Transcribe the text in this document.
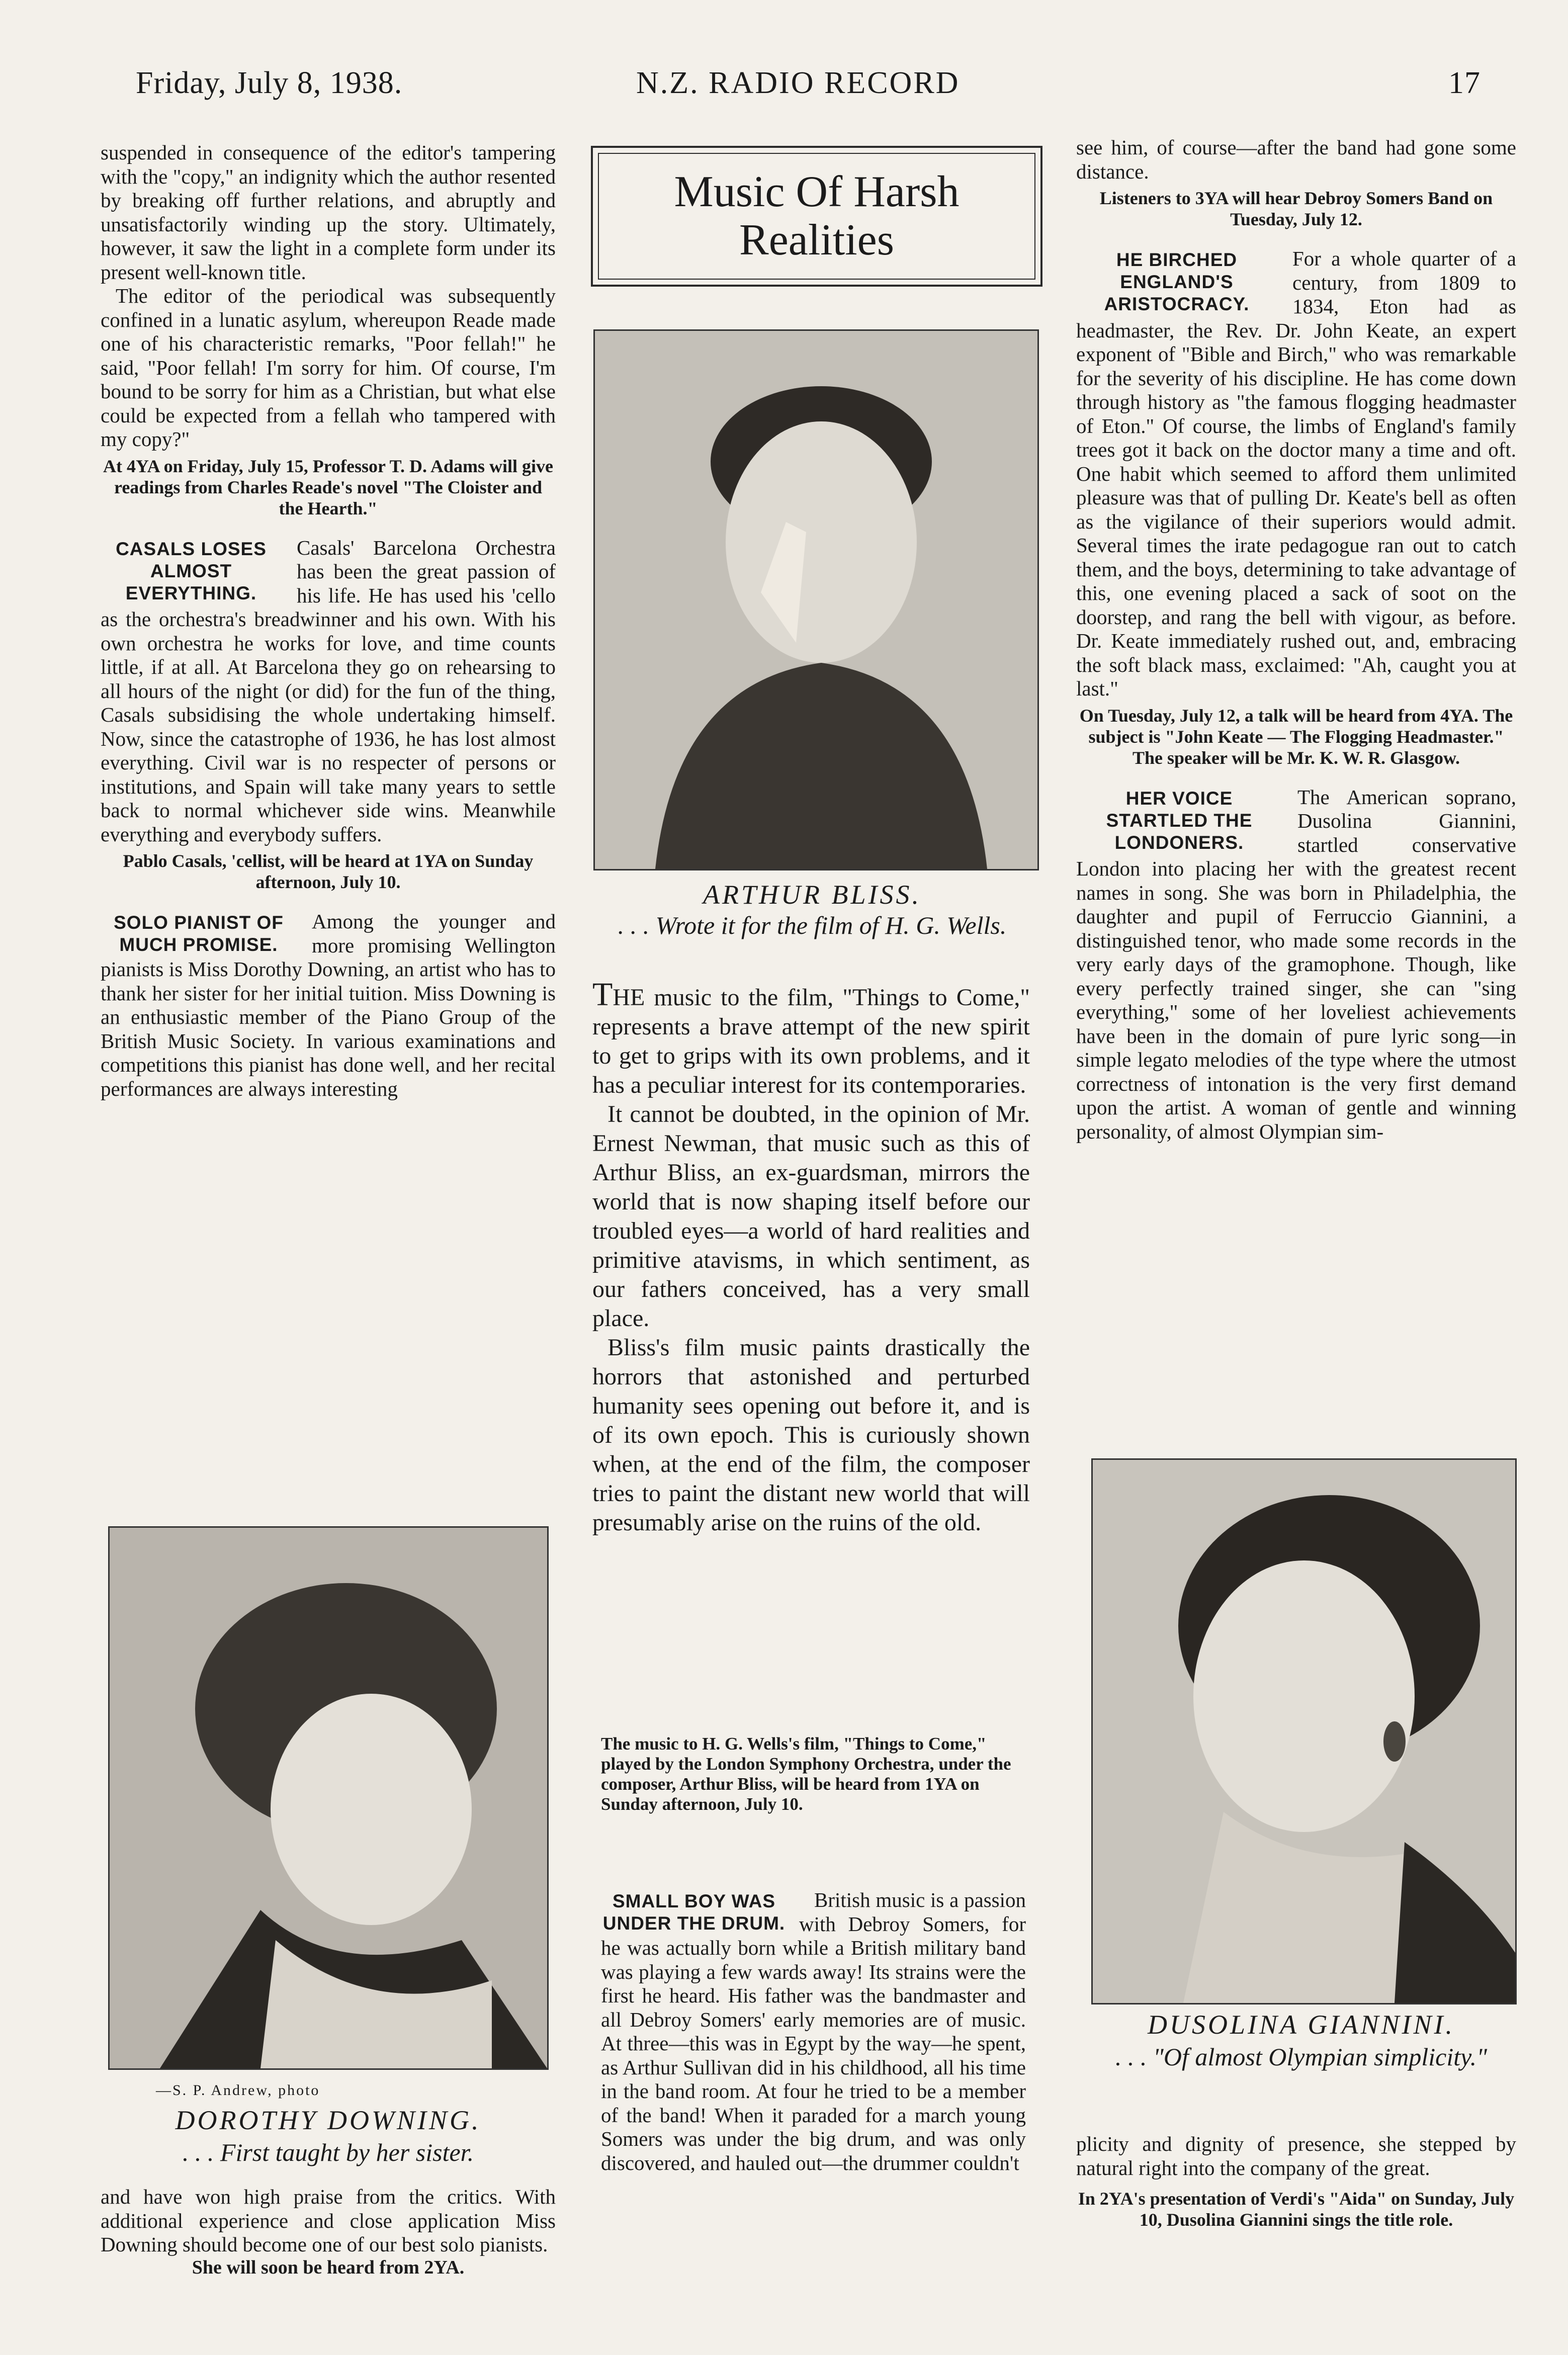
Friday, July 8, 1938.	N.Z. RADIO RECORD	17

suspended in consequence of the editor's tampering with the "copy," an indignity which the author resented by breaking off further relations, and abruptly and unsatisfactorily winding up the story. Ultimately, however, it saw the light in a complete form under its present well-known title.

The editor of the periodical was subsequently confined in a lunatic asylum, whereupon Reade made one of his characteristic remarks, "Poor fellah!" he said, "Poor fellah! I'm sorry for him. Of course, I'm bound to be sorry for him as a Christian, but what else could be expected from a fellah who tampered with my copy?"

At 4YA on Friday, July 15, Professor T. D. Adams will give readings from Charles Reade's novel "The Cloister and the Hearth."

CASALS LOSES ALMOST EVERYTHING.

Casals' Barcelona Orchestra has been the great passion of his life. He has used his 'cello as the orchestra's breadwinner and his own. With his own orchestra he works for love, and time counts little, if at all. At Barcelona they go on rehearsing to all hours of the night (or did) for the fun of the thing, Casals subsidising the whole undertaking himself. Now, since the catastrophe of 1936, he has lost almost everything. Civil war is no respecter of persons or institutions, and Spain will take many years to settle back to normal whichever side wins. Meanwhile everything and everybody suffers.

Pablo Casals, 'cellist, will be heard at 1YA on Sunday afternoon, July 10.

SOLO PIANIST OF MUCH PROMISE.

Among the younger and more promising Wellington pianists is Miss Dorothy Downing, an artist who has to thank her sister for her initial tuition. Miss Downing is an enthusiastic member of the Piano Group of the British Music Society. In various examinations and competitions this pianist has done well, and her recital performances are always interesting

—S. P. Andrew, photo
DOROTHY DOWNING.
. . . First taught by her sister.

and have won high praise from the critics. With additional experience and close application Miss Downing should become one of our best solo pianists.

She will soon be heard from 2YA.

Music Of Harsh Realities
ARTHUR BLISS.
. . . Wrote it for the film of H. G. Wells.

THE music to the film, "Things to Come," represents a brave attempt of the new spirit to get to grips with its own problems, and it has a peculiar interest for its contemporaries.

It cannot be doubted, in the opinion of Mr. Ernest Newman, that music such as this of Arthur Bliss, an ex-guardsman, mirrors the world that is now shaping itself before our troubled eyes—a world of hard realities and primitive atavisms, in which sentiment, as our fathers conceived, has a very small place.

Bliss's film music paints drastically the horrors that astonished and perturbed humanity sees opening out before it, and is of its own epoch. This is curiously shown when, at the end of the film, the composer tries to paint the distant new world that will presumably arise on the ruins of the old.

The music to H. G. Wells's film, "Things to Come," played by the London Symphony Orchestra, under the composer, Arthur Bliss, will be heard from 1YA on Sunday afternoon, July 10.

SMALL BOY WAS UNDER THE DRUM.

British music is a passion with Debroy Somers, for he was actually born while a British military band was playing a few wards away! Its strains were the first he heard. His father was the bandmaster and all Debroy Somers' early memories are of music. At three—this was in Egypt by the way—he spent, as Arthur Sullivan did in his childhood, all his time in the band room. At four he tried to be a member of the band! When it paraded for a march young Somers was under the big drum, and was only discovered, and hauled out—the drummer couldn't

see him, of course—after the band had gone some distance.

Listeners to 3YA will hear Debroy Somers Band on Tuesday, July 12.

HE BIRCHED ENGLAND'S ARISTOCRACY.

For a whole quarter of a century, from 1809 to 1834, Eton had as headmaster, the Rev. Dr. John Keate, an expert exponent of "Bible and Birch," who was remarkable for the severity of his discipline. He has come down through history as "the famous flogging headmaster of Eton." Of course, the limbs of England's family trees got it back on the doctor many a time and oft. One habit which seemed to afford them unlimited pleasure was that of pulling Dr. Keate's bell as often as the vigilance of their superiors would admit. Several times the irate pedagogue ran out to catch them, and the boys, determining to take advantage of this, one evening placed a sack of soot on the doorstep, and rang the bell with vigour, as before. Dr. Keate immediately rushed out, and, embracing the soft black mass, exclaimed: "Ah, caught you at last."

On Tuesday, July 12, a talk will be heard from 4YA. The subject is "John Keate — The Flogging Headmaster." The speaker will be Mr. K. W. R. Glasgow.

HER VOICE STARTLED THE LONDONERS.

The American soprano, Dusolina Giannini, startled conservative London into placing her with the greatest recent names in song. She was born in Philadelphia, the daughter and pupil of Ferruccio Giannini, a distinguished tenor, who made some records in the very early days of the gramophone. Though, like every perfectly trained singer, she can "sing everything," some of her loveliest achievements have been in the domain of pure lyric song—in simple legato melodies of the type where the utmost correctness of intonation is the very first demand upon the artist. A woman of gentle and winning personality, of almost Olympian sim-

DUSOLINA GIANNINI.
. . . "Of almost Olympian simplicity."

plicity and dignity of presence, she stepped by natural right into the company of the great.

In 2YA's presentation of Verdi's "Aida" on Sunday, July 10, Dusolina Giannini sings the title role.
